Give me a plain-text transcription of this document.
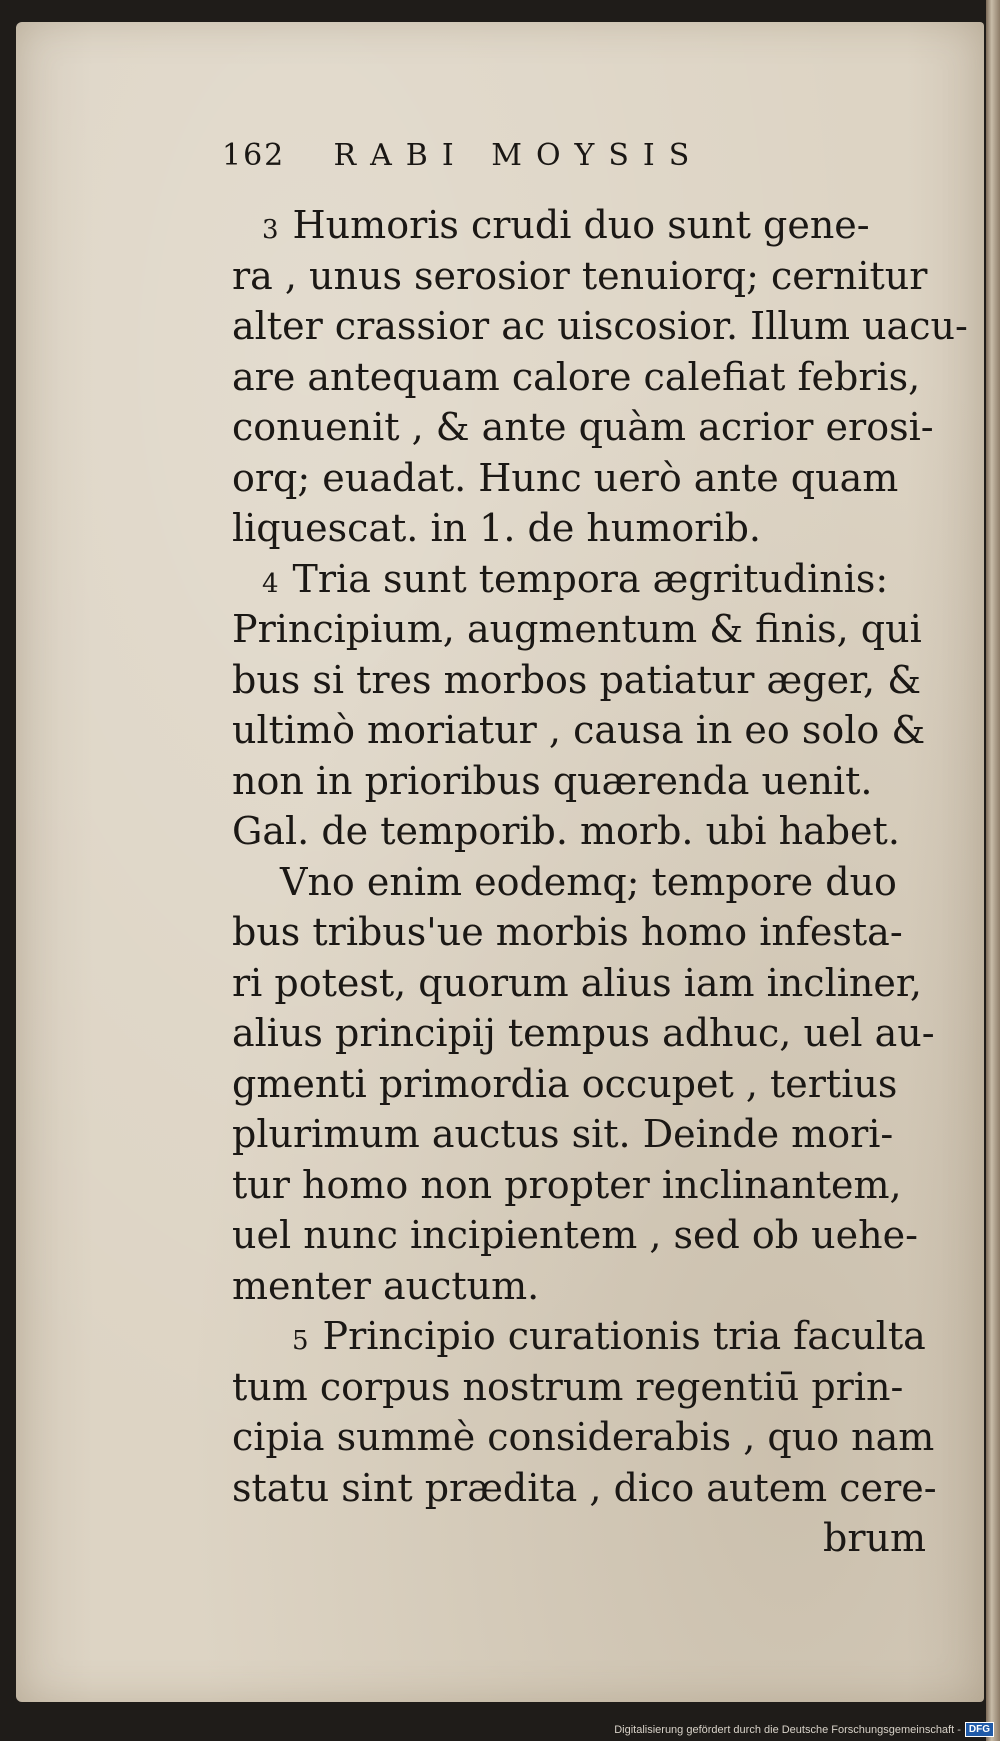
162 RABI MOYSIS
3 Humoris crudi duo sunt gene-
ra , unus serosior tenuiorq; cernitur
alter crassior ac uiscosior. Illum uacu-
are antequam calore calefiat febris,
conuenit , & ante quàm acrior erosi-
orq; euadat. Hunc uerò ante quam
liquescat. in 1. de humorib.
4 Tria sunt tempora ægritudinis:
Principium, augmentum & finis, qui
bus si tres morbos patiatur æger, &
ultimò moriatur , causa in eo solo &
non in prioribus quærenda uenit.
Gal. de temporib. morb. ubi habet.
Vno enim eodemq; tempore duo
bus tribus'ue morbis homo infesta-
ri potest, quorum alius iam incliner,
alius principij tempus adhuc, uel au-
gmenti primordia occupet , tertius
plurimum auctus sit. Deinde mori-
tur homo non propter inclinantem,
uel nunc incipientem , sed ob uehe-
menter auctum.
5 Principio curationis tria faculta
tum corpus nostrum regentiū prin-
cipia summè considerabis , quo nam
statu sint prædita , dico autem cere-
brum
Digitalisierung gefördert durch die Deutsche Forschungsgemeinschaft - DFG
